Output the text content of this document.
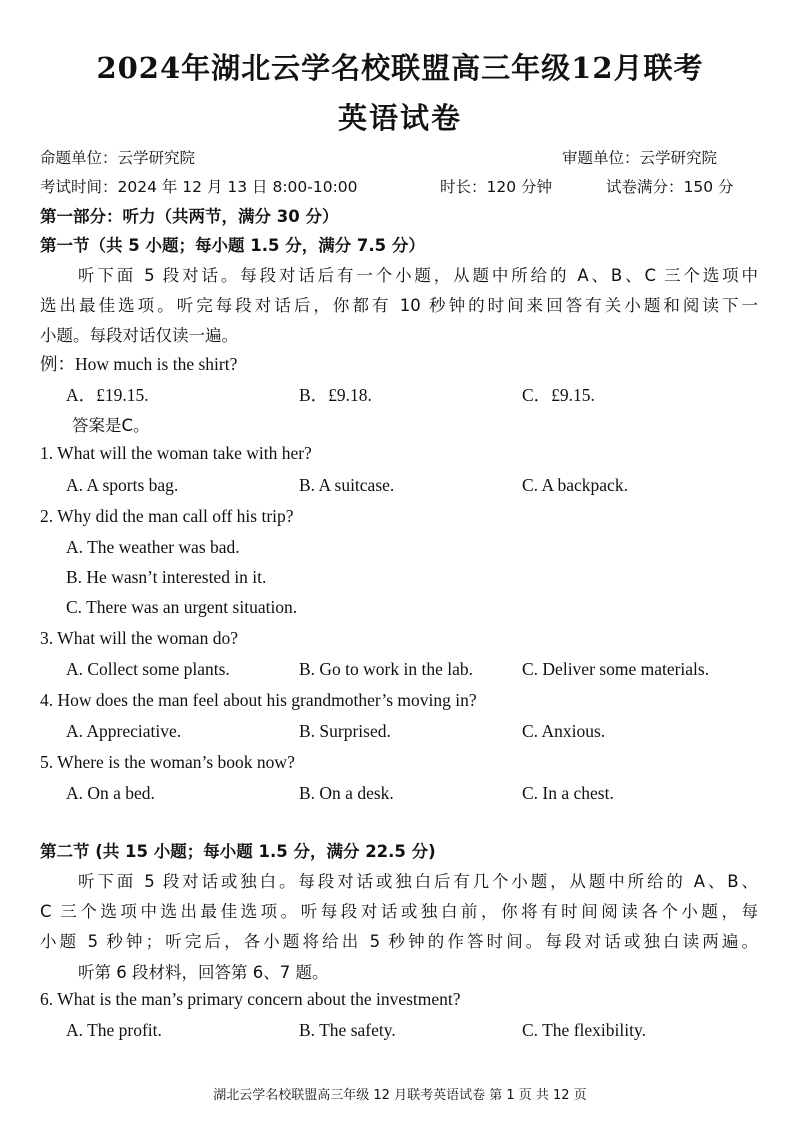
2024年湖北云学名校联盟高三年级12月联考
英语试卷
命题单位：云学研究院	审题单位：云学研究院
考试时间：2024 年 12 月 13 日 8:00-10:00	时长：120 分钟	试卷满分：150 分
第一部分：听力（共两节，满分 30 分）
第一节（共 5 小题；每小题 1.5 分，满分 7.5 分）
听下面 5 段对话。每段对话后有一个小题，从题中所给的 A、B、C 三个选项中
选出最佳选项。听完每段对话后，你都有 10 秒钟的时间来回答有关小题和阅读下一
小题。每段对话仅读一遍。
例：How much is the shirt?
A．£19.15.	B．£9.18.	C．£9.15.
答案是C。
1. What will the woman take with her?
A. A sports bag.	B. A suitcase.	C. A backpack.
2. Why did the man call off his trip?
A. The weather was bad.
B. He wasn’t interested in it.
C. There was an urgent situation.
3. What will the woman do?
A. Collect some plants.	B. Go to work in the lab.	C. Deliver some materials.
4. How does the man feel about his grandmother’s moving in?
A. Appreciative.	B. Surprised.	C. Anxious.
5. Where is the woman’s book now?
A. On a bed.	B. On a desk.	C. In a chest.
第二节 (共 15 小题；每小题 1.5 分，满分 22.5 分)
听下面 5 段对话或独白。每段对话或独白后有几个小题，从题中所给的 A、B、
C 三个选项中选出最佳选项。听每段对话或独白前，你将有时间阅读各个小题，每
小题 5 秒钟；听完后，各小题将给出 5 秒钟的作答时间。每段对话或独白读两遍。
听第 6 段材料，回答第 6、7 题。
6. What is the man’s primary concern about the investment?
A. The profit.	B. The safety.	C. The flexibility.
湖北云学名校联盟高三年级 12 月联考英语试卷 第 1 页 共 12 页
